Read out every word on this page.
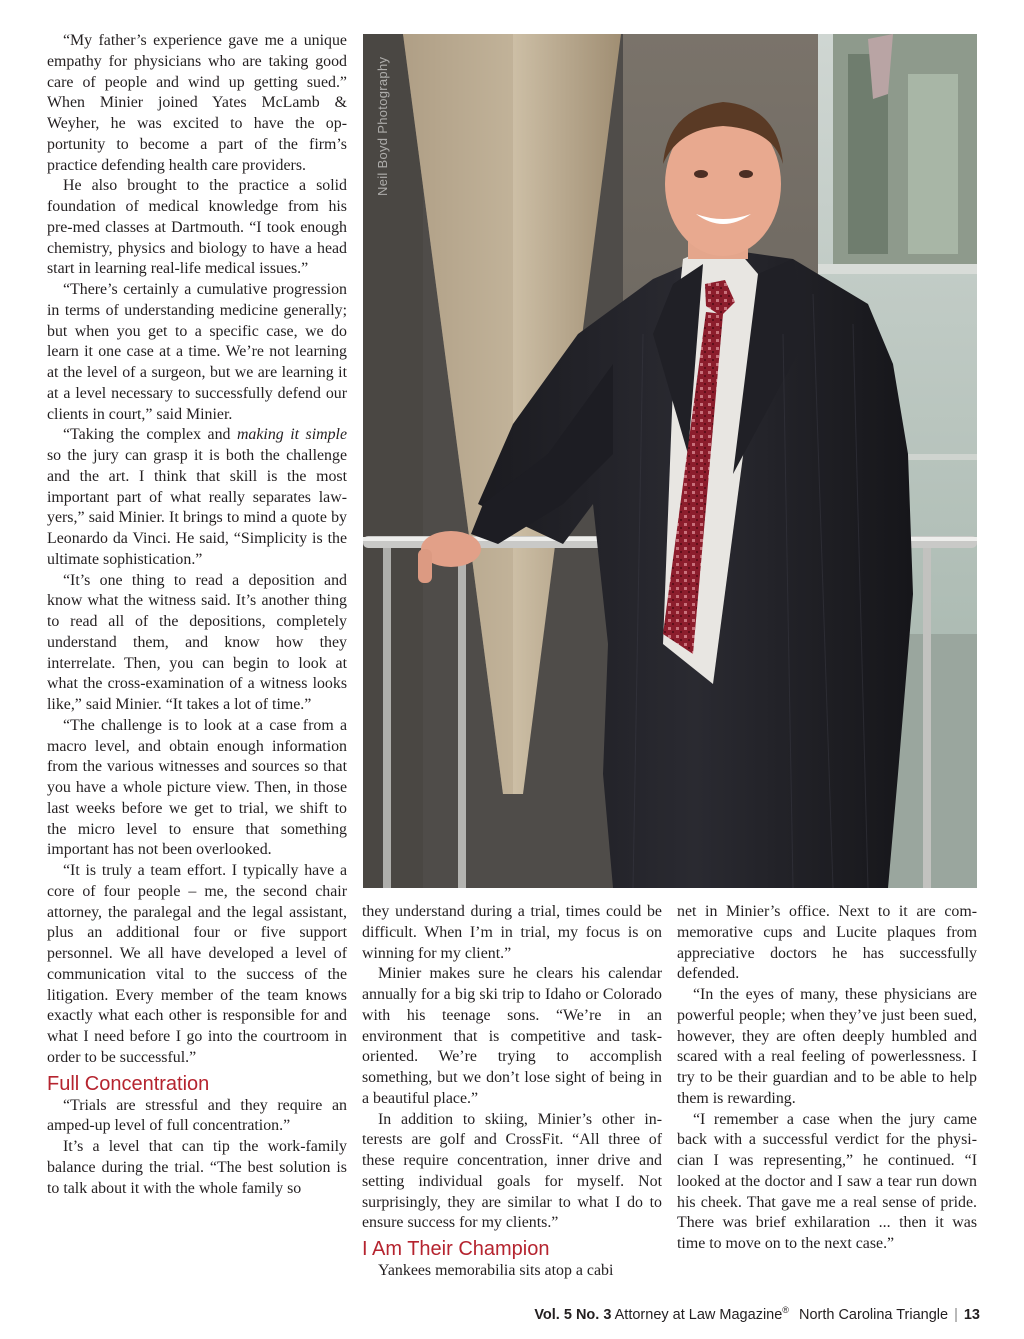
“My father’s experience gave me a unique empathy for physicians who are taking good care of people and wind up getting sued.” When Minier joined Yates McLamb & Weyher, he was excited to have the opportunity to become a part of the firm’s practice defending health care providers.

He also brought to the practice a solid foundation of medical knowledge from his pre-med classes at Dartmouth. “I took enough chemistry, physics and biology to have a head start in learning real-life medical issues.”

“There’s certainly a cumulative progression in terms of understanding medicine generally; but when you get to a specific case, we do learn it one case at a time. We’re not learning at the level of a surgeon, but we are learning it at a level necessary to successfully defend our clients in court,” said Minier.

“Taking the complex and making it simple so the jury can grasp it is both the challenge and the art. I think that skill is the most important part of what really separates lawyers,” said Minier. It brings to mind a quote by Leonardo da Vinci. He said, “Simplicity is the ultimate sophistication.”

“It’s one thing to read a deposition and know what the witness said. It’s another thing to read all of the depositions, completely understand them, and know how they interrelate. Then, you can begin to look at what the cross-examination of a witness looks like,” said Minier. “It takes a lot of time.”

“The challenge is to look at a case from a macro level, and obtain enough information from the various witnesses and sources so that you have a whole picture view. Then, in those last weeks before we get to trial, we shift to the micro level to ensure that something important has not been overlooked.

“It is truly a team effort. I typically have a core of four people – me, the second chair attorney, the paralegal and the legal assistant, plus an additional four or five support personnel. We all have developed a level of communication vital to the success of the litigation. Every member of the team knows exactly what each other is responsible for and what I need before I go into the courtroom in order to be successful.”

Full Concentration

“Trials are stressful and they require an amped-up level of full concentration.”

It’s a level that can tip the work-family balance during the trial. “The best solution is to talk about it with the whole family so

Neil Boyd Photography

they understand during a trial, times could be difficult. When I’m in trial, my focus is on winning for my client.”

Minier makes sure he clears his calendar annually for a big ski trip to Idaho or Colorado with his teenage sons. “We’re in an environment that is competitive and task-oriented. We’re trying to accomplish something, but we don’t lose sight of being in a beautiful place.”

In addition to skiing, Minier’s other interests are golf and CrossFit. “All three of these require concentration, inner drive and setting individual goals for myself. Not surprisingly, they are similar to what I do to ensure success for my clients.”

I Am Their Champion

Yankees memorabilia sits atop a cabi

net in Minier’s office. Next to it are commemorative cups and Lucite plaques from appreciative doctors he has successfully defended.

“In the eyes of many, these physicians are powerful people; when they’ve just been sued, however, they are often deeply humbled and scared with a real feeling of powerlessness. I try to be their guardian and to be able to help them is rewarding.

“I remember a case when the jury came back with a successful verdict for the physician I was representing,” he continued. “I looked at the doctor and I saw a tear run down his cheek. That gave me a real sense of pride. There was brief exhilaration ... then it was time to move on to the next case.”

Vol. 5 No. 3 Attorney at Law Magazine® North Carolina Triangle | 13
